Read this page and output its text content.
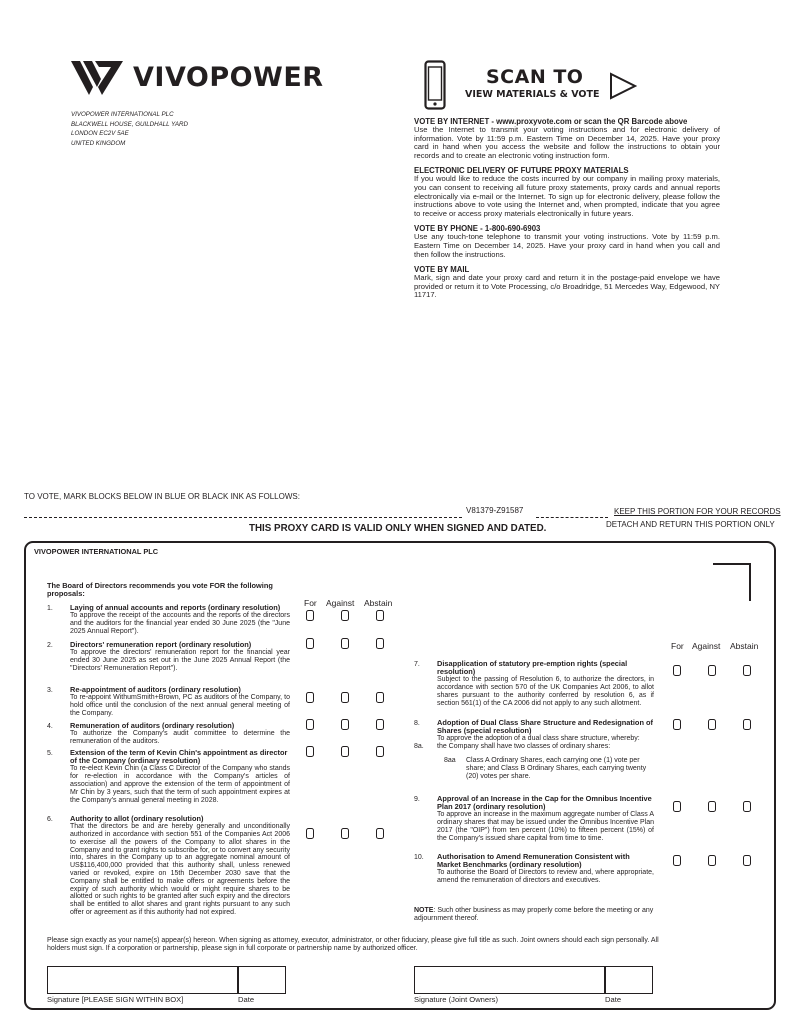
VIVOPOWER
VIVOPOWER INTERNATIONAL PLC
BLACKWELL HOUSE, GUILDHALL YARD
LONDON EC2V 5AE
UNITED KINGDOM
SCAN TO
VIEW MATERIALS & VOTE
VOTE BY INTERNET - www.proxyvote.com or scan the QR Barcode above

Use the Internet to transmit your voting instructions and for electronic delivery of information. Vote by 11:59 p.m. Eastern Time on December 14, 2025. Have your proxy card in hand when you access the website and follow the instructions to obtain your records and to create an electronic voting instruction form.

ELECTRONIC DELIVERY OF FUTURE PROXY MATERIALS

If you would like to reduce the costs incurred by our company in mailing proxy materials, you can consent to receiving all future proxy statements, proxy cards and annual reports electronically via e-mail or the Internet. To sign up for electronic delivery, please follow the instructions above to vote using the Internet and, when prompted, indicate that you agree to receive or access proxy materials electronically in future years.

VOTE BY PHONE - 1-800-690-6903

Use any touch-tone telephone to transmit your voting instructions. Vote by 11:59 p.m. Eastern Time on December 14, 2025. Have your proxy card in hand when you call and then follow the instructions.

VOTE BY MAIL

Mark, sign and date your proxy card and return it in the postage-paid envelope we have provided or return it to Vote Processing, c/o Broadridge, 51 Mercedes Way, Edgewood, NY 11717.

TO VOTE, MARK BLOCKS BELOW IN BLUE OR BLACK INK AS FOLLOWS:
V81379-Z91587	KEEP THIS PORTION FOR YOUR RECORDS
DETACH AND RETURN THIS PORTION ONLY
THIS PROXY CARD IS VALID ONLY WHEN SIGNED AND DATED.
VIVOPOWER INTERNATIONAL PLC
The Board of Directors recommends you vote FOR the following proposals:
For Against Abstain
1. Laying of annual accounts and reports (ordinary resolution)
To approve the receipt of the accounts and the reports of the directors and the auditors for the financial year ended 30 June 2025 (the "June 2025 Annual Report").
2. Directors' remuneration report (ordinary resolution)
To approve the directors' remuneration report for the financial year ended 30 June 2025 as set out in the June 2025 Annual Report (the "Directors' Remuneration Report").
3. Re-appointment of auditors (ordinary resolution)
To re-appoint WithumSmith+Brown, PC as auditors of the Company, to hold office until the conclusion of the next annual general meeting of the Company.
4. Remuneration of auditors (ordinary resolution)
To authorize the Company's audit committee to determine the remuneration of the auditors.
5. Extension of the term of Kevin Chin's appointment as director of the Company (ordinary resolution)
To re-elect Kevin Chin (a Class C Director of the Company who stands for re-election in accordance with the Company's articles of association) and approve the extension of the term of appointment of Mr Chin by 3 years, such that the term of such appointment expires at the Company's annual general meeting in 2028.
6. Authority to allot (ordinary resolution)
That the directors be and are hereby generally and unconditionally authorized in accordance with section 551 of the Companies Act 2006 to exercise all the powers of the Company to allot shares in the Company and to grant rights to subscribe for, or to convert any security into, shares in the Company up to an aggregate nominal amount of US$116,400,000 provided that this authority shall, unless renewed varied or revoked, expire on 15th December 2030 save that the Company shall be entitled to make offers or agreements before the expiry of such authority which would or might require shares to be allotted or such rights to be granted after such expiry and the directors shall be entitled to allot shares and grant rights pursuant to any such offer or agreement as if this authority had not expired.
For Against Abstain
7. Disapplication of statutory pre-emption rights (special resolution)
Subject to the passing of Resolution 6, to authorize the directors, in accordance with section 570 of the UK Companies Act 2006, to allot shares pursuant to the authority conferred by resolution 6, as if section 561(1) of the CA 2006 did not apply to any such allotment.
8. Adoption of Dual Class Share Structure and Redesignation of Shares (special resolution)
To approve the adoption of a dual class share structure, whereby:
8a. the Company shall have two classes of ordinary shares:
8aa Class A Ordinary Shares, each carrying one (1) vote per share; and Class B Ordinary Shares, each carrying twenty (20) votes per share.
9. Approval of an Increase in the Cap for the Omnibus Incentive Plan 2017 (ordinary resolution)
To approve an increase in the maximum aggregate number of Class A ordinary shares that may be issued under the Omnibus Incentive Plan 2017 (the "OIP") from ten percent (10%) to fifteen percent (15%) of the Company's issued share capital from time to time.
10. Authorisation to Amend Remuneration Consistent with Market Benchmarks (ordinary resolution)
To authorise the Board of Directors to review and, where appropriate, amend the remuneration of directors and executives.
NOTE: Such other business as may properly come before the meeting or any adjournment thereof.
Please sign exactly as your name(s) appear(s) hereon. When signing as attorney, executor, administrator, or other fiduciary, please give full title as such. Joint owners should each sign personally. All holders must sign. If a corporation or partnership, please sign in full corporate or partnership name by authorized officer.
Signature [PLEASE SIGN WITHIN BOX]	Date	Signature (Joint Owners)	Date
